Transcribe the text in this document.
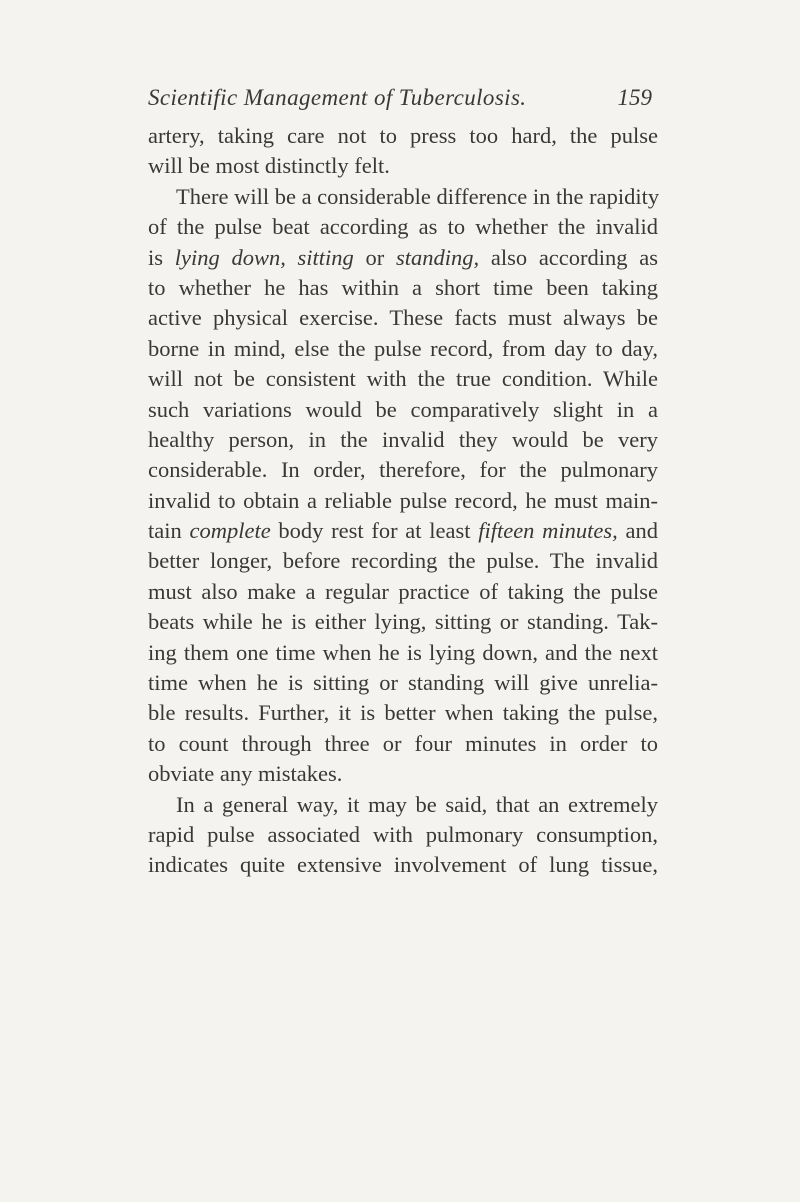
Scientific Management of Tuberculosis.	159
artery, taking care not to press too hard, the pulse
will be most distinctly felt.
There will be a considerable difference in the rapidity
of the pulse beat according as to whether the invalid
is lying down, sitting or standing, also according as
to whether he has within a short time been taking
active physical exercise. These facts must always be
borne in mind, else the pulse record, from day to day,
will not be consistent with the true condition. While
such variations would be comparatively slight in a
healthy person, in the invalid they would be very
considerable. In order, therefore, for the pulmonary
invalid to obtain a reliable pulse record, he must main-
tain complete body rest for at least fifteen minutes, and
better longer, before recording the pulse. The invalid
must also make a regular practice of taking the pulse
beats while he is either lying, sitting or standing. Tak-
ing them one time when he is lying down, and the next
time when he is sitting or standing will give unrelia-
ble results. Further, it is better when taking the pulse,
to count through three or four minutes in order to
obviate any mistakes.
In a general way, it may be said, that an extremely
rapid pulse associated with pulmonary consumption,
indicates quite extensive involvement of lung tissue,
